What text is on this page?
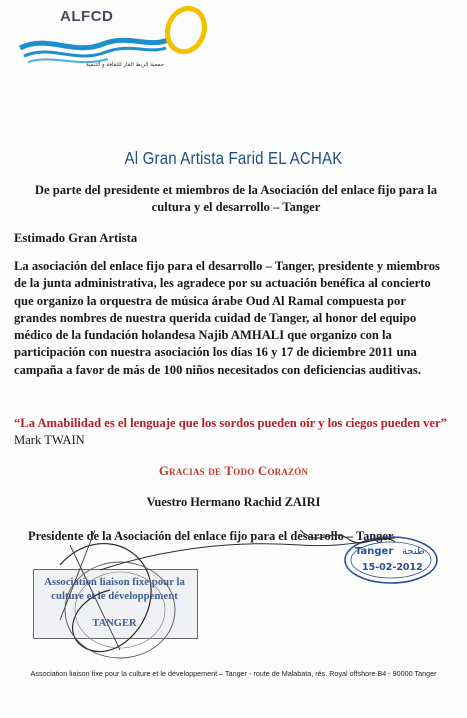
ALFCD
جمعية الربط القار للثقافة و التنمية
Al Gran Artista Farid EL ACHAK
De parte del presidente et miembros de la Asociación del enlace fijo para la cultura y el desarrollo – Tanger
Estimado Gran Artista
La asociación del enlace fijo para el desarrollo – Tanger, presidente y miembros de la junta administrativa, les agradece por su actuación benéfica al concierto que organizo la orquestra de música árabe Oud Al Ramal compuesta por grandes nombres de nuestra querida cuidad de Tanger, al honor del equipo médico de la fundación holandesa Najib AMHALI que organizo con la participación con nuestra asociación los días 16 y 17 de diciembre 2011 una campaña a favor de más de 100 niños necesitados con deficiencias auditivas.
“La Amabilidad es el lenguaje que los sordos pueden oír y los ciegos pueden ver” Mark TWAIN
Gracias de Todo Corazón
Vuestro Hermano Rachid ZAIRI
Presidente de la Asociación del enlace fijo para el desarrollo – Tanger
Tanger طنجة
15-02-2012
Association liaison fixe pour la
culture et le développement
TANGER
Association liaison fixe pour la culture et le développement – Tanger - route de Malabata, rés. Royal offshore B4 - 90000 Tanger
